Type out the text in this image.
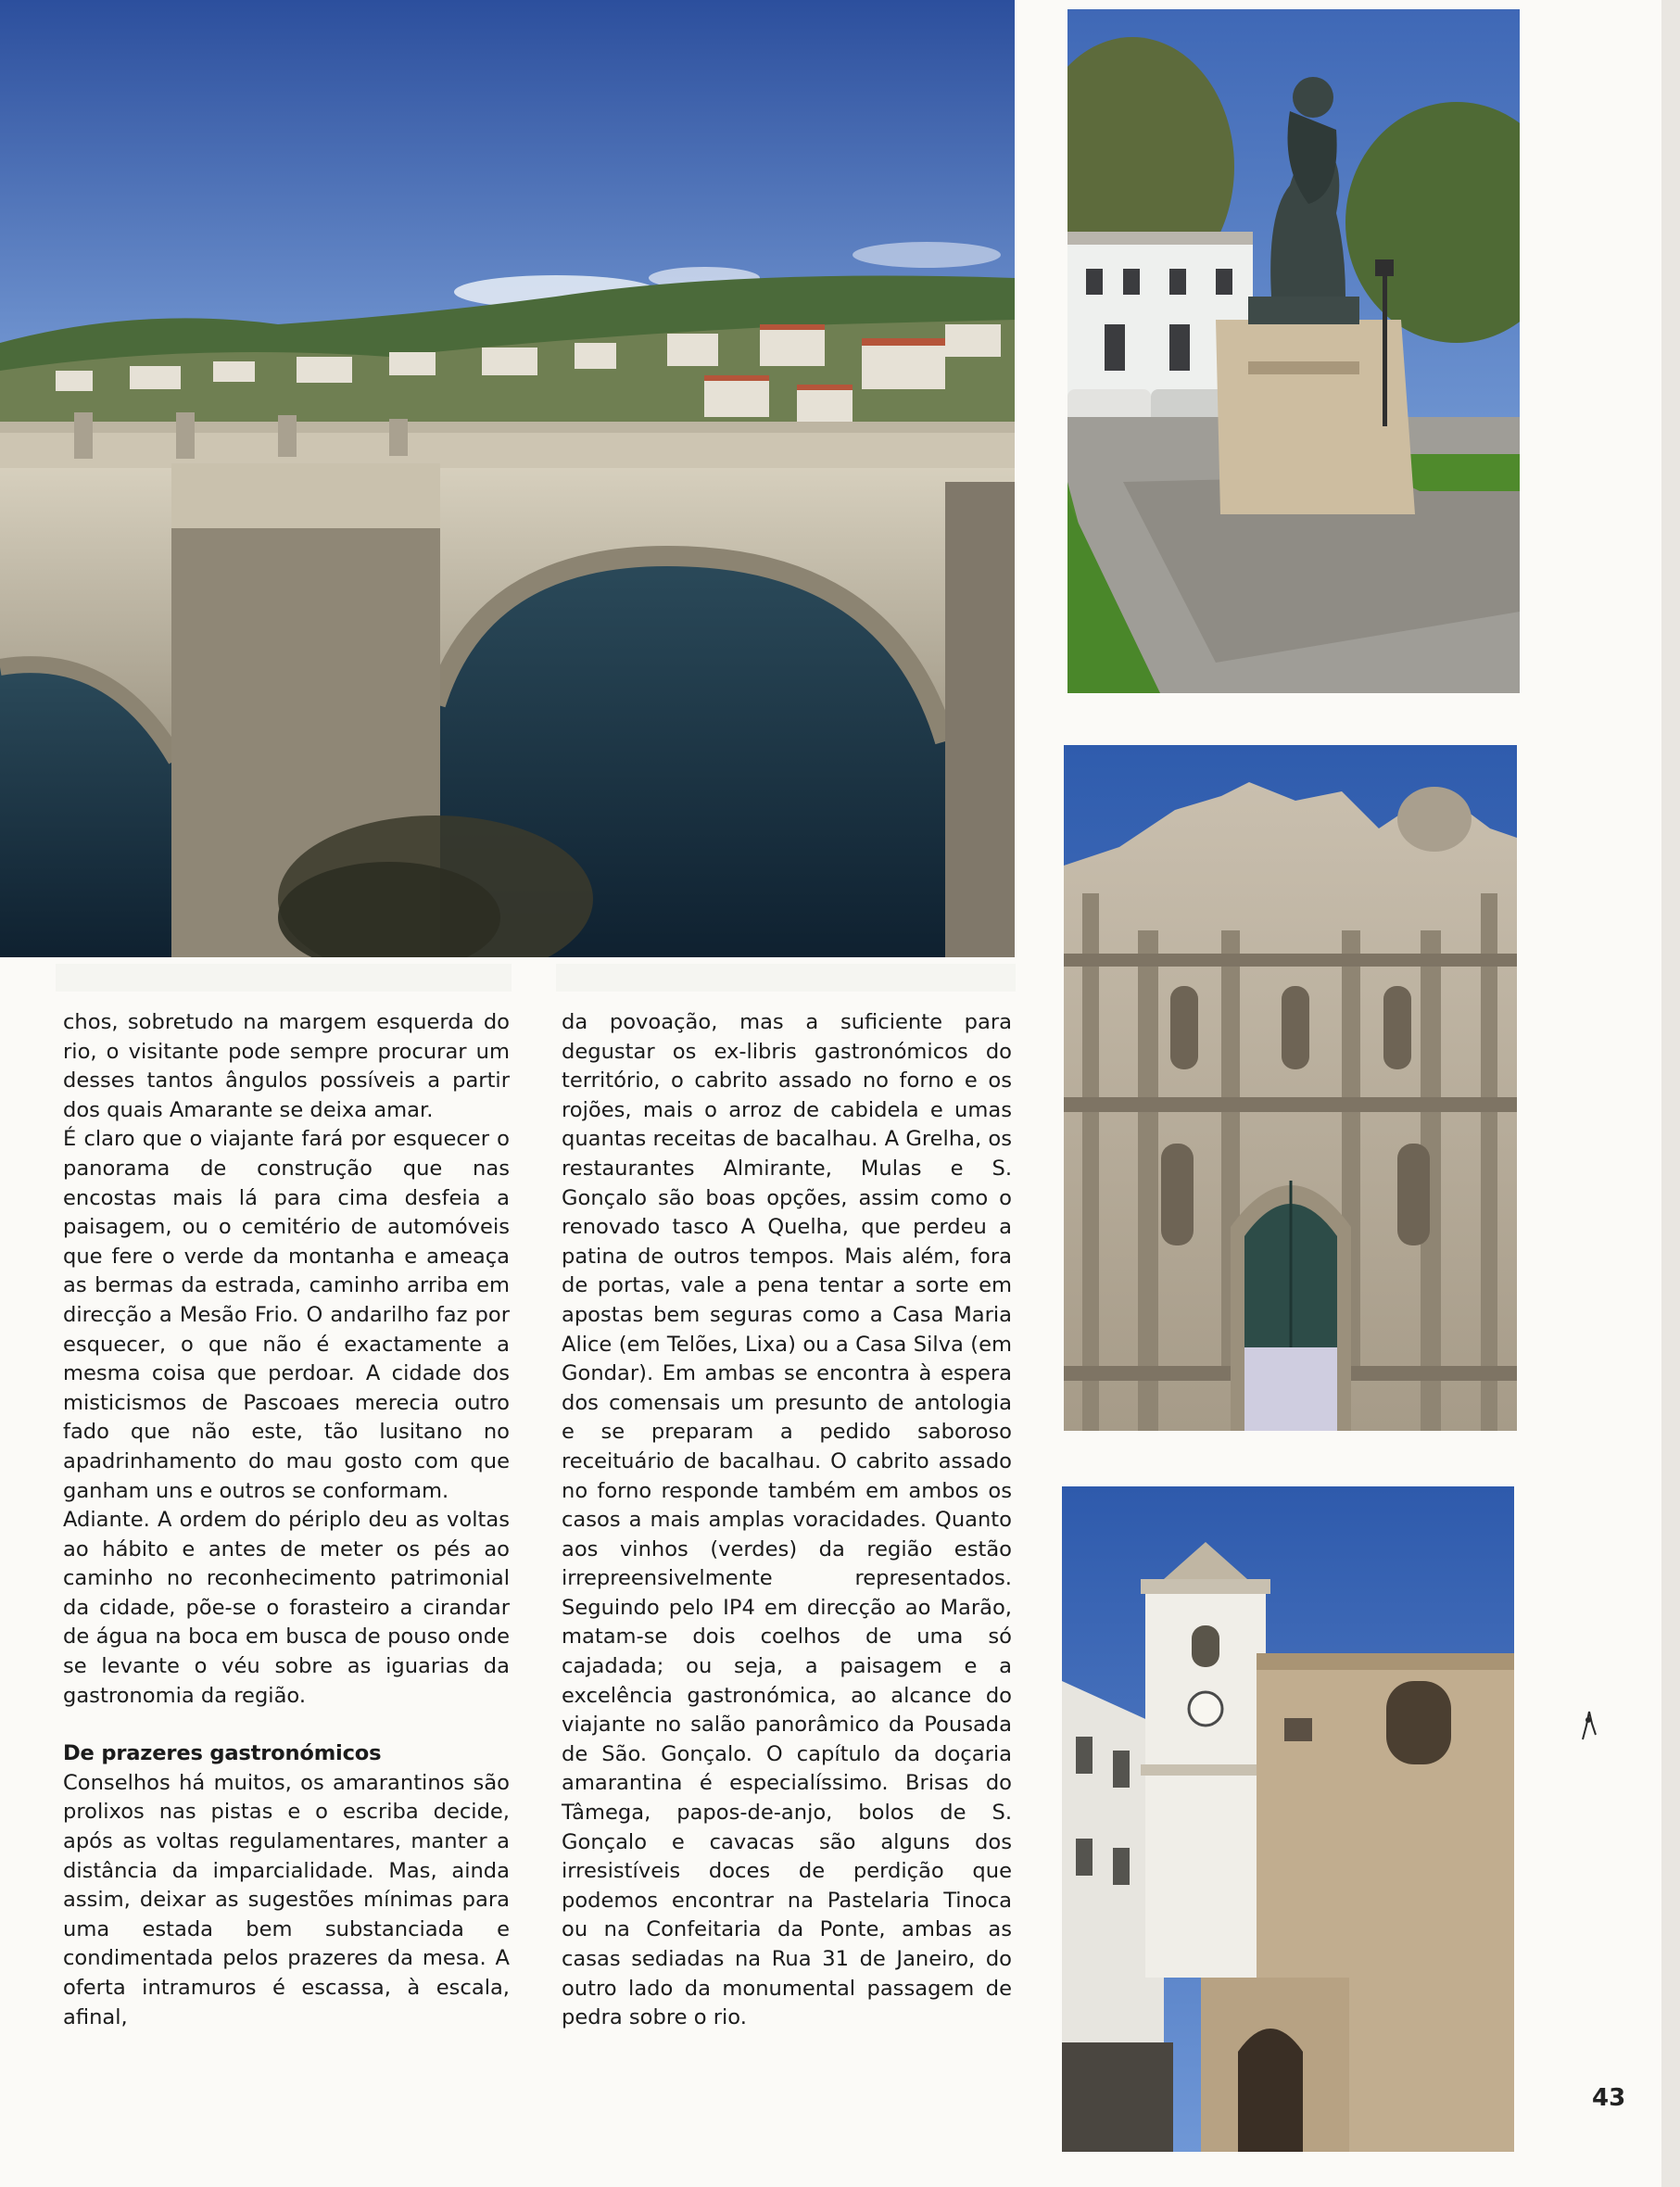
chos, sobretudo na margem esquerda do rio, o visitante pode sempre procurar um desses tantos ângulos possíveis a partir dos quais Amarante se deixa amar.

É claro que o viajante fará por esquecer o panorama de construção que nas encostas mais lá para cima desfeia a paisagem, ou o cemitério de automóveis que fere o verde da montanha e ameaça as bermas da estrada, caminho arriba em direcção a Mesão Frio. O andarilho faz por esquecer, o que não é exactamente a mesma coisa que perdoar. A cidade dos misticismos de Pascoaes merecia outro fado que não este, tão lusitano no apadrinhamento do mau gosto com que ganham uns e outros se conformam.

Adiante. A ordem do périplo deu as voltas ao hábito e antes de meter os pés ao caminho no reconhecimento patrimonial da cidade, põe-se o forasteiro a cirandar de água na boca em busca de pouso onde se levante o véu sobre as iguarias da gastronomia da região.

De prazeres gastronómicos

Conselhos há muitos, os amarantinos são prolixos nas pistas e o escriba decide, após as voltas regulamentares, manter a distância da imparcialidade. Mas, ainda assim, deixar as sugestões mínimas para uma estada bem substanciada e condimentada pelos prazeres da mesa. A oferta intramuros é escassa, à escala, afinal,

da povoação, mas a suficiente para degustar os ex-libris gastronómicos do território, o cabrito assado no forno e os rojões, mais o arroz de cabidela e umas quantas receitas de bacalhau. A Grelha, os restaurantes Almirante, Mulas e S. Gonçalo são boas opções, assim como o renovado tasco A Quelha, que perdeu a patina de outros tempos. Mais além, fora de portas, vale a pena tentar a sorte em apostas bem seguras como a Casa Maria Alice (em Telões, Lixa) ou a Casa Silva (em Gondar). Em ambas se encontra à espera dos comensais um presunto de antologia e se preparam a pedido saboroso receituário de bacalhau. O cabrito assado no forno responde também em ambos os casos a mais amplas voracidades. Quanto aos vinhos (verdes) da região estão irrepreensivelmente representados. Seguindo pelo IP4 em direcção ao Marão, matam-se dois coelhos de uma só cajadada; ou seja, a paisagem e a excelência gastronómica, ao alcance do viajante no salão panorâmico da Pousada de São. Gonçalo. O capítulo da doçaria amarantina é especialíssimo. Brisas do Tâmega, papos-de-anjo, bolos de S. Gonçalo e cavacas são alguns dos irresistíveis doces de perdição que podemos encontrar na Pastelaria Tinoca ou na Confeitaria da Ponte, ambas as casas sediadas na Rua 31 de Janeiro, do outro lado da monumental passagem de pedra sobre o rio.

43
